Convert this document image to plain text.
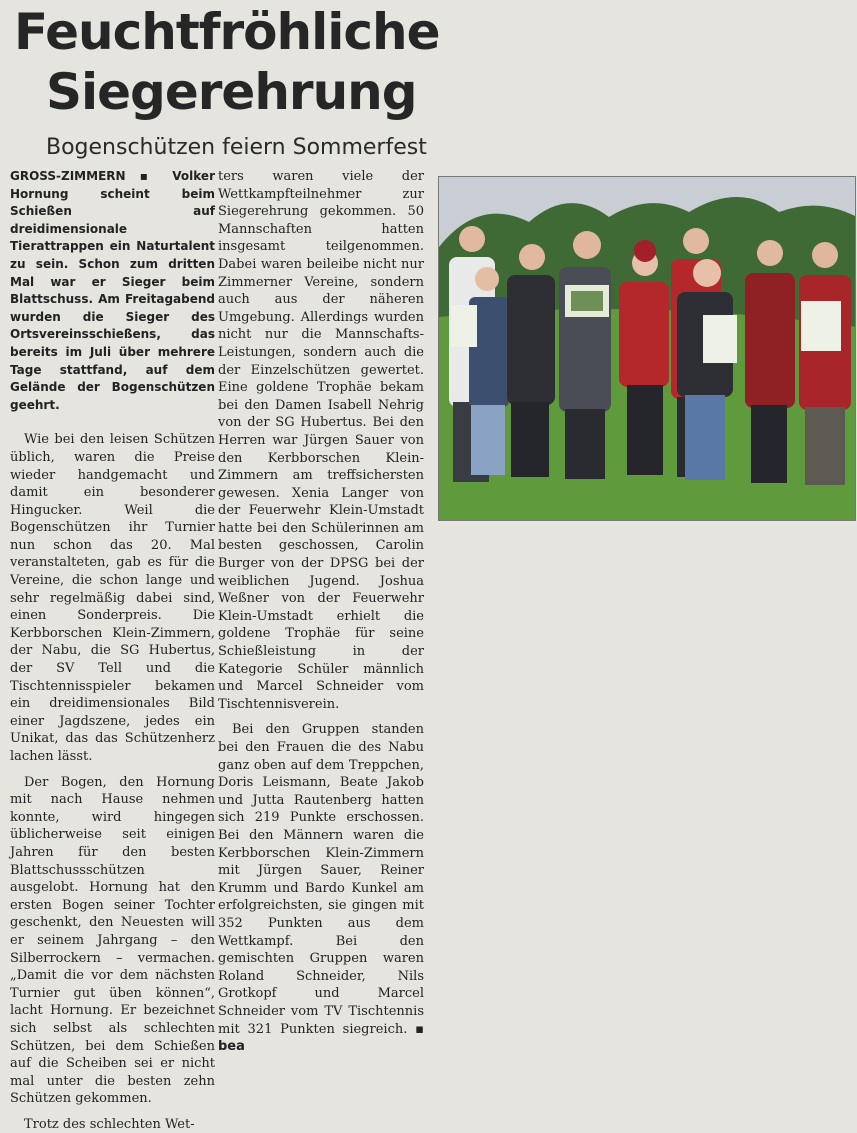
Feuchtfröhliche
Siegerehrung
Bogenschützen feiern Sommerfest
GROSS-ZIMMERN ▪ Volker Hornung scheint beim Schießen auf dreidimensionale Tierattrappen ein Naturtalent zu sein. Schon zum dritten Mal war er Sieger beim Blattschuss. Am Freitagabend wurden die Sieger des Ortsvereinsschießens, das bereits im Juli über mehrere Tage stattfand, auf dem Gelände der Bogenschützen geehrt.

Wie bei den leisen Schützen üblich, waren die Preise wieder handgemacht und damit ein besonderer Hingucker. Weil die Bogenschützen ihr Turnier nun schon das 20. Mal veranstalteten, gab es für die Vereine, die schon lange und sehr regelmäßig dabei sind, einen Sonderpreis. Die Kerbborschen Klein-Zimmern, der Nabu, die SG Hubertus, der SV Tell und die Tischtennisspieler bekamen ein dreidimensionales Bild einer Jagdszene, jedes ein Unikat, das das Schützenherz lachen lässt.

Der Bogen, den Hornung mit nach Hause nehmen konnte, wird hingegen üblicherweise seit einigen Jahren für den besten Blattschussschützen ausgelobt. Hornung hat den ersten Bogen seiner Tochter geschenkt, den Neuesten will er seinem Jahrgang – den Silberrockern – vermachen. „Damit die vor dem nächsten Turnier gut üben können“, lacht Hornung. Er bezeichnet sich selbst als schlechten Schützen, bei dem Schießen auf die Scheiben sei er nicht mal unter die besten zehn Schützen gekommen.

Trotz des schlechten Wet-

ters waren viele der Wettkampfteilnehmer zur Siegerehrung gekommen. 50 Mannschaften hatten insgesamt teilgenommen. Dabei waren beileibe nicht nur Zimmerner Vereine, sondern auch aus der näheren Umgebung. Allerdings wurden nicht nur die Mannschafts-Leistungen, sondern auch die der Einzelschützen gewertet. Eine goldene Trophäe bekam bei den Damen Isabell Nehrig von der SG Hubertus. Bei den Herren war Jürgen Sauer von den Kerbborschen Klein-Zimmern am treffsichersten gewesen. Xenia Langer von der Feuerwehr Klein-Umstadt hatte bei den Schülerinnen am besten geschossen, Carolin Burger von der DPSG bei der weiblichen Jugend. Joshua Weßner von der Feuerwehr Klein-Umstadt erhielt die goldene Trophäe für seine Schießleistung in der Kategorie Schüler männlich und Marcel Schneider vom Tischtennisverein.

Bei den Gruppen standen bei den Frauen die des Nabu ganz oben auf dem Treppchen, Doris Leismann, Beate Jakob und Jutta Rautenberg hatten sich 219 Punkte erschossen. Bei den Männern waren die Kerbborschen Klein-Zimmern mit Jürgen Sauer, Reiner Krumm und Bardo Kunkel am erfolgreichsten, sie gingen mit 352 Punkten aus dem Wettkampf. Bei den gemischten Gruppen waren Roland Schneider, Nils Grotkopf und Marcel Schneider vom TV Tischtennis mit 321 Punkten siegreich. ▪ bea
